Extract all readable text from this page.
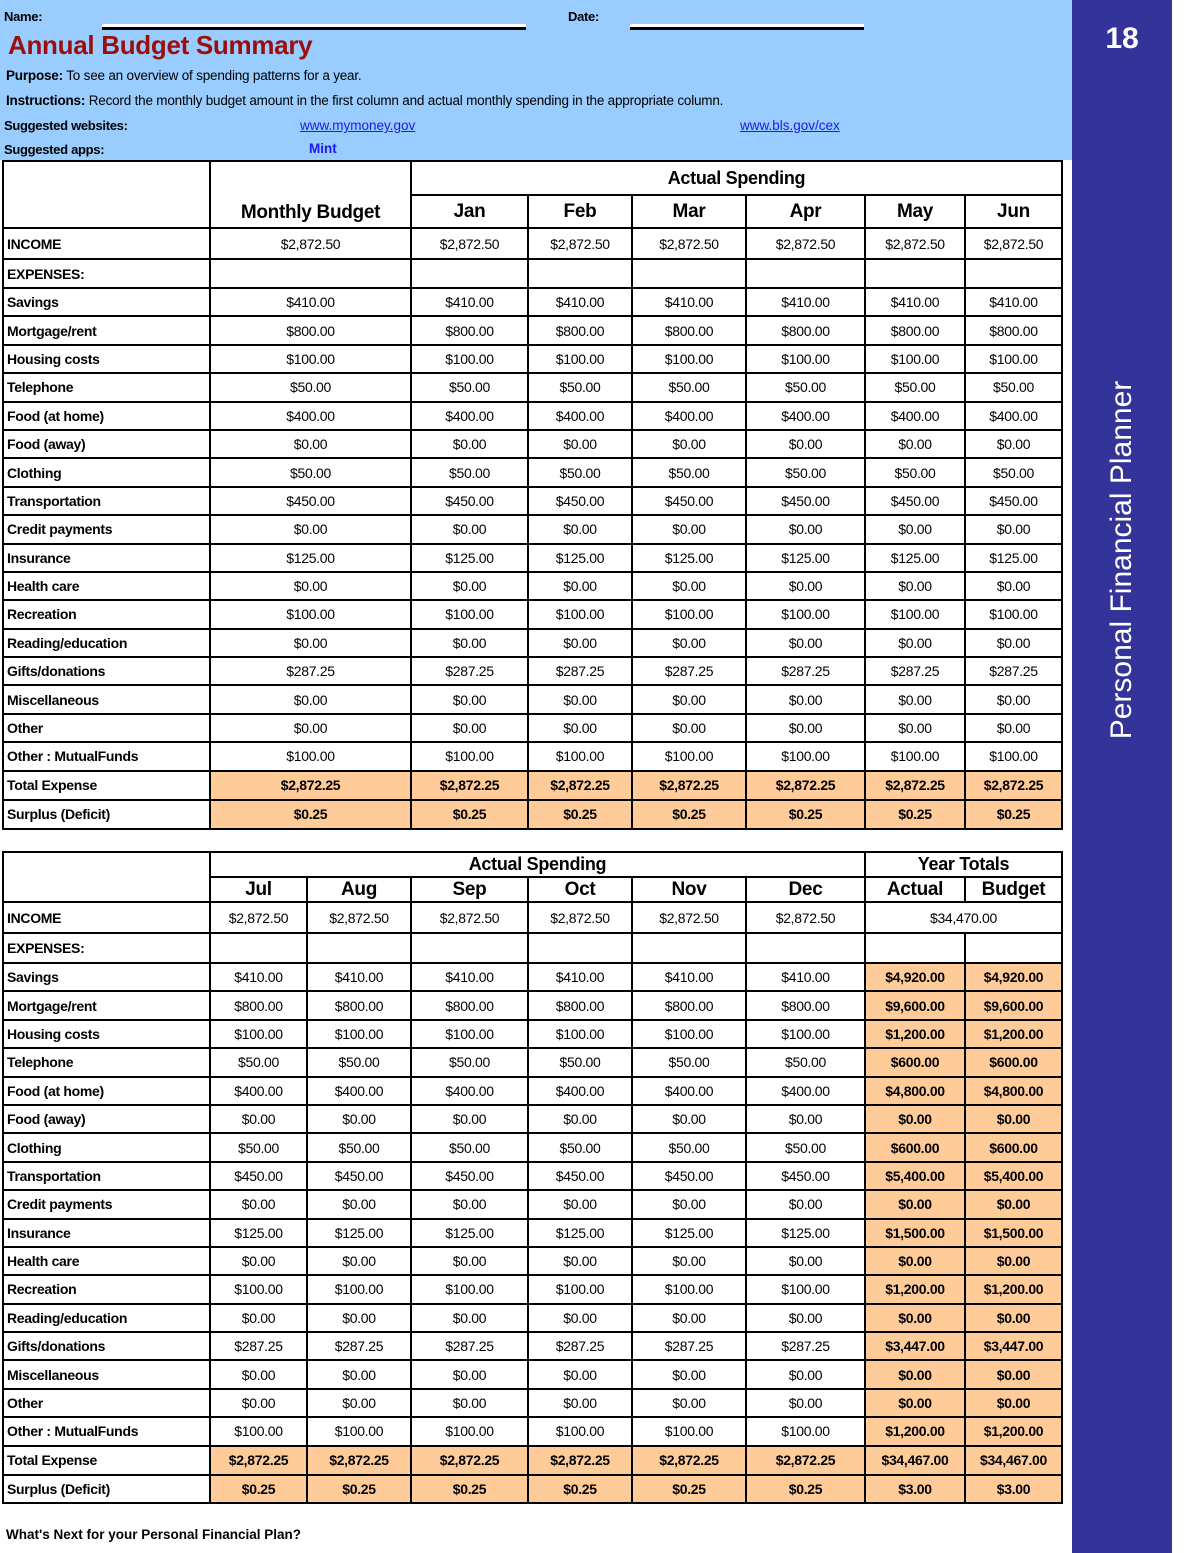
Name:	Date:
Annual Budget Summary
Purpose: To see an overview of spending patterns for a year.
Instructions: Record the monthly budget amount in the first column and actual monthly spending in the appropriate column.
Suggested websites:	www.mymoney.gov	www.bls.gov/cex
Suggested apps:	Mint
18
Personal Financial Planner
	Monthly Budget	Actual Spending					
		Jan	Feb	Mar	Apr	May	Jun
INCOME	$2,872.50	$2,872.50	$2,872.50	$2,872.50	$2,872.50	$2,872.50	$2,872.50
EXPENSES:							
Savings	$410.00	$410.00	$410.00	$410.00	$410.00	$410.00	$410.00
Mortgage/rent	$800.00	$800.00	$800.00	$800.00	$800.00	$800.00	$800.00
Housing costs	$100.00	$100.00	$100.00	$100.00	$100.00	$100.00	$100.00
Telephone	$50.00	$50.00	$50.00	$50.00	$50.00	$50.00	$50.00
Food (at home)	$400.00	$400.00	$400.00	$400.00	$400.00	$400.00	$400.00
Food (away)	$0.00	$0.00	$0.00	$0.00	$0.00	$0.00	$0.00
Clothing	$50.00	$50.00	$50.00	$50.00	$50.00	$50.00	$50.00
Transportation	$450.00	$450.00	$450.00	$450.00	$450.00	$450.00	$450.00
Credit payments	$0.00	$0.00	$0.00	$0.00	$0.00	$0.00	$0.00
Insurance	$125.00	$125.00	$125.00	$125.00	$125.00	$125.00	$125.00
Health care	$0.00	$0.00	$0.00	$0.00	$0.00	$0.00	$0.00
Recreation	$100.00	$100.00	$100.00	$100.00	$100.00	$100.00	$100.00
Reading/education	$0.00	$0.00	$0.00	$0.00	$0.00	$0.00	$0.00
Gifts/donations	$287.25	$287.25	$287.25	$287.25	$287.25	$287.25	$287.25
Miscellaneous	$0.00	$0.00	$0.00	$0.00	$0.00	$0.00	$0.00
Other	$0.00	$0.00	$0.00	$0.00	$0.00	$0.00	$0.00
Other : MutualFunds	$100.00	$100.00	$100.00	$100.00	$100.00	$100.00	$100.00
Total Expense	$2,872.25	$2,872.25	$2,872.25	$2,872.25	$2,872.25	$2,872.25	$2,872.25
Surplus (Deficit)	$0.25	$0.25	$0.25	$0.25	$0.25	$0.25	$0.25
	Actual Spending						Year Totals	
	Jul	Aug	Sep	Oct	Nov	Dec	Actual	Budget
INCOME	$2,872.50	$2,872.50	$2,872.50	$2,872.50	$2,872.50	$2,872.50	$34,470.00	
EXPENSES:								
Savings	$410.00	$410.00	$410.00	$410.00	$410.00	$410.00	$4,920.00	$4,920.00
Mortgage/rent	$800.00	$800.00	$800.00	$800.00	$800.00	$800.00	$9,600.00	$9,600.00
Housing costs	$100.00	$100.00	$100.00	$100.00	$100.00	$100.00	$1,200.00	$1,200.00
Telephone	$50.00	$50.00	$50.00	$50.00	$50.00	$50.00	$600.00	$600.00
Food (at home)	$400.00	$400.00	$400.00	$400.00	$400.00	$400.00	$4,800.00	$4,800.00
Food (away)	$0.00	$0.00	$0.00	$0.00	$0.00	$0.00	$0.00	$0.00
Clothing	$50.00	$50.00	$50.00	$50.00	$50.00	$50.00	$600.00	$600.00
Transportation	$450.00	$450.00	$450.00	$450.00	$450.00	$450.00	$5,400.00	$5,400.00
Credit payments	$0.00	$0.00	$0.00	$0.00	$0.00	$0.00	$0.00	$0.00
Insurance	$125.00	$125.00	$125.00	$125.00	$125.00	$125.00	$1,500.00	$1,500.00
Health care	$0.00	$0.00	$0.00	$0.00	$0.00	$0.00	$0.00	$0.00
Recreation	$100.00	$100.00	$100.00	$100.00	$100.00	$100.00	$1,200.00	$1,200.00
Reading/education	$0.00	$0.00	$0.00	$0.00	$0.00	$0.00	$0.00	$0.00
Gifts/donations	$287.25	$287.25	$287.25	$287.25	$287.25	$287.25	$3,447.00	$3,447.00
Miscellaneous	$0.00	$0.00	$0.00	$0.00	$0.00	$0.00	$0.00	$0.00
Other	$0.00	$0.00	$0.00	$0.00	$0.00	$0.00	$0.00	$0.00
Other : MutualFunds	$100.00	$100.00	$100.00	$100.00	$100.00	$100.00	$1,200.00	$1,200.00
Total Expense	$2,872.25	$2,872.25	$2,872.25	$2,872.25	$2,872.25	$2,872.25	$34,467.00	$34,467.00
Surplus (Deficit)	$0.25	$0.25	$0.25	$0.25	$0.25	$0.25	$3.00	$3.00
What's Next for your Personal Financial Plan?
